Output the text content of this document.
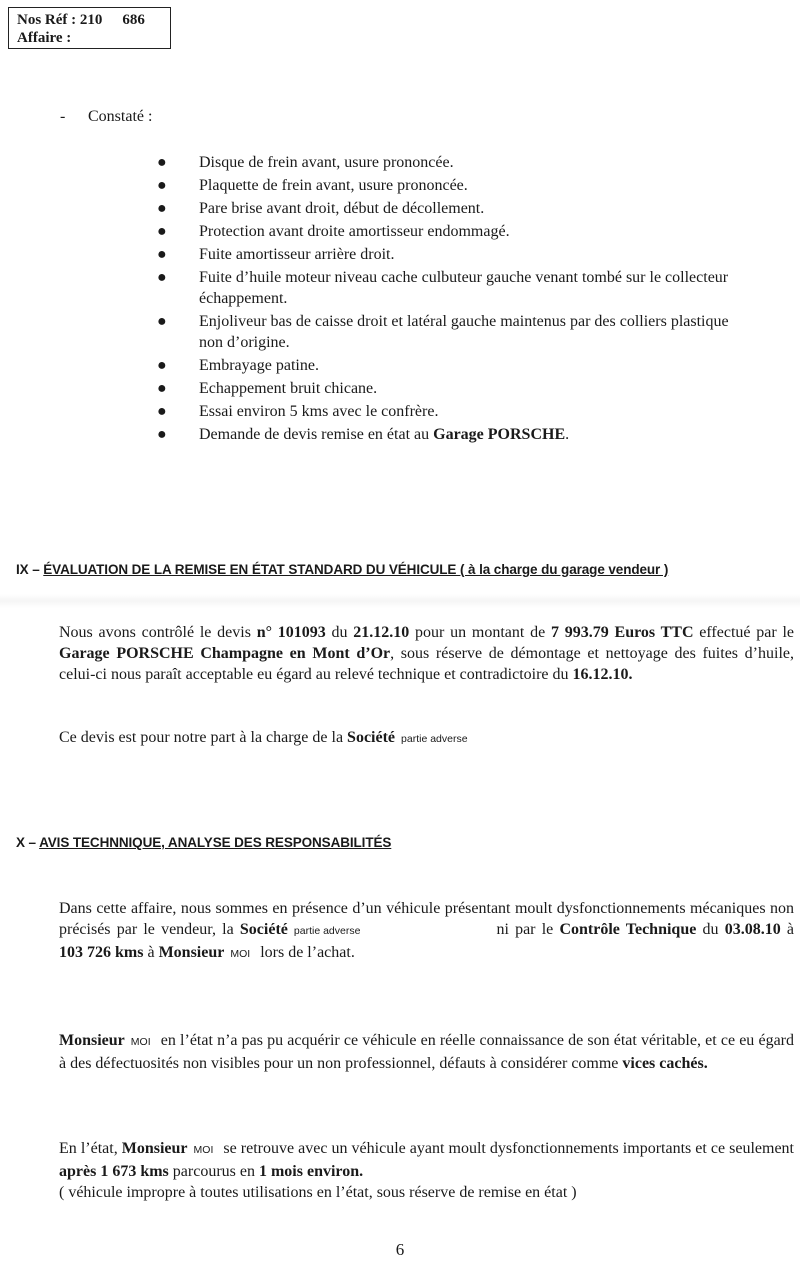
Nos Réf : 210 686
Affaire :
- Constaté :
● Disque de frein avant, usure prononcée.
● Plaquette de frein avant, usure prononcée.
● Pare brise avant droit, début de décollement.
● Protection avant droite amortisseur endommagé.
● Fuite amortisseur arrière droit.
● Fuite d’huile moteur niveau cache culbuteur gauche venant tombé sur le collecteur échappement.
● Enjoliveur bas de caisse droit et latéral gauche maintenus par des colliers plastique non d’origine.
● Embrayage patine.
● Echappement bruit chicane.
● Essai environ 5 kms avec le confrère.
● Demande de devis remise en état au Garage PORSCHE.
IX – ÉVALUATION DE LA REMISE EN ÉTAT STANDARD DU VÉHICULE ( à la charge du garage vendeur )
Nous avons contrôlé le devis n° 101093 du 21.12.10 pour un montant de 7 993.79 Euros TTC effectué par le Garage PORSCHE Champagne en Mont d’Or, sous réserve de démontage et nettoyage des fuites d’huile, celui-ci nous paraît acceptable eu égard au relevé technique et contradictoire du 16.12.10.
Ce devis est pour notre part à la charge de la Société partie adverse
X – AVIS TECHNNIQUE, ANALYSE DES RESPONSABILITÉS
Dans cette affaire, nous sommes en présence d’un véhicule présentant moult dysfonctionnements mécaniques non précisés par le vendeur, la Société partie adverse	ni par le Contrôle Technique du 03.08.10 à 103 726 kms à Monsieur MOI lors de l’achat.
Monsieur MOI en l’état n’a pas pu acquérir ce véhicule en réelle connaissance de son état véritable, et ce eu égard à des défectuosités non visibles pour un non professionnel, défauts à considérer comme vices cachés.
En l’état, Monsieur MOI se retrouve avec un véhicule ayant moult dysfonctionnements importants et ce seulement après 1 673 kms parcourus en 1 mois environ.
( véhicule impropre à toutes utilisations en l’état, sous réserve de remise en état )
6
